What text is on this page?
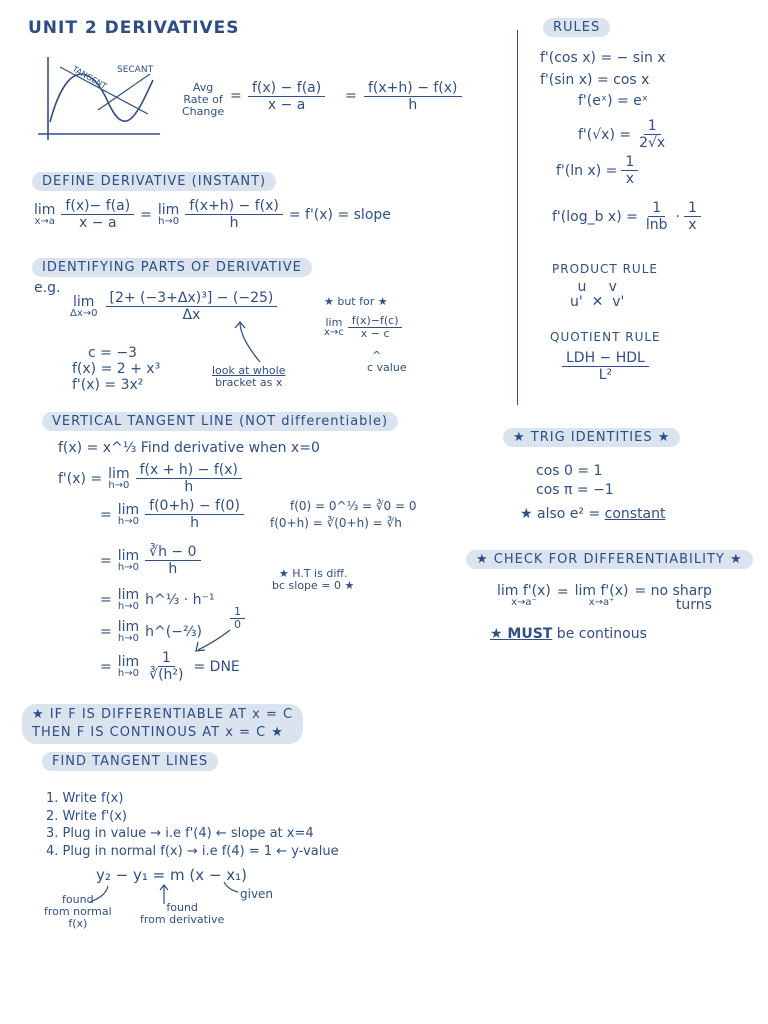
UNIT 2 DERIVATIVES
SECANT
TANGENT	Avg
Rate of
Change
= $\frac{f(x) - f(a)}{x - a} = \frac{f(x+h) - f(x)}{h}$
DEFINE DERIVATIVE (INSTANT)
lim
$x\to a \frac{f(x)- f(a)}{x - a} = \lim$
$h\to 0 \frac{f(x+h) - f(x)}{h} = f'(x)$ = slope
IDENTIFYING PARTS OF DERIVATIVE
e.g.
lim
$\Delta x\to 0 \frac{\text{[2+ (−3+Δx)³] − (−25)}}{\Delta x}$	★ but for ★
lim
$x\to c \frac{f(x)-f(c)}{x - c}$
^
c value
c = −3
f(x) = 2 + x³
f'(x) = 3x²
look at whole
bracket as x
VERTICAL TANGENT LINE (NOT differentiable)
f(x) = x^⅓ Find derivative when x=0
f'(x) = lim
$h\to 0 \frac{f(x + h) - f(x)}{h}$
= lim
$h\to 0 \frac{f(0+h) - f(0)}{h}$	f(0) = 0^⅓ = ∛0 = 0
f(0+h) = ∛(0+h) = ∛h
= lim
$h\to 0 \frac{∛h - 0}{h}$
= lim
h→0 h^⅓ · h⁻¹
= lim
h→0 h^(−⅔)
= lim
$h\to 0 \frac{1}{\text{∛(h²)}}$ = DNE
$\frac{1}{0}$
★ H.T is diff.
bc slope = 0 ★
★ IF F IS DIFFERENTIABLE AT x = C
THEN F IS CONTINOUS AT x = C ★
FIND TANGENT LINES
1. Write f(x)
2. Write f'(x)
3. Plug in value → i.e f'(4) ← slope at x=4
4. Plug in normal f(x) → i.e f(4) = 1 ← y-value
y₂ − y₁ = m (x − x₁)
given
found
from normal
f(x)
found
from derivative
RULES
f'(cos x) = − sin x
f'(sin x) = cos x
f'(eˣ) = eˣ
$f'(√x) = \frac{1}{2√x}$
f'(ln $x) = \frac{1}{x}$
f'(log_b $x) = \frac{1}{\ln b} \cdot \frac{1}{x}$
PRODUCT RULE
u     v
u'  ✕  v'
QUOTIENT RULE
LDH − HDL
L²
★ TRIG IDENTITIES ★
cos 0 = 1
cos π = −1
★ also e² = constant
★ CHECK FOR DIFFERENTIABILITY ★
lim f'(x)
x→a⁻
= lim f'(x)
x→a⁺
= no sharp
turns
★ MUST be continous
